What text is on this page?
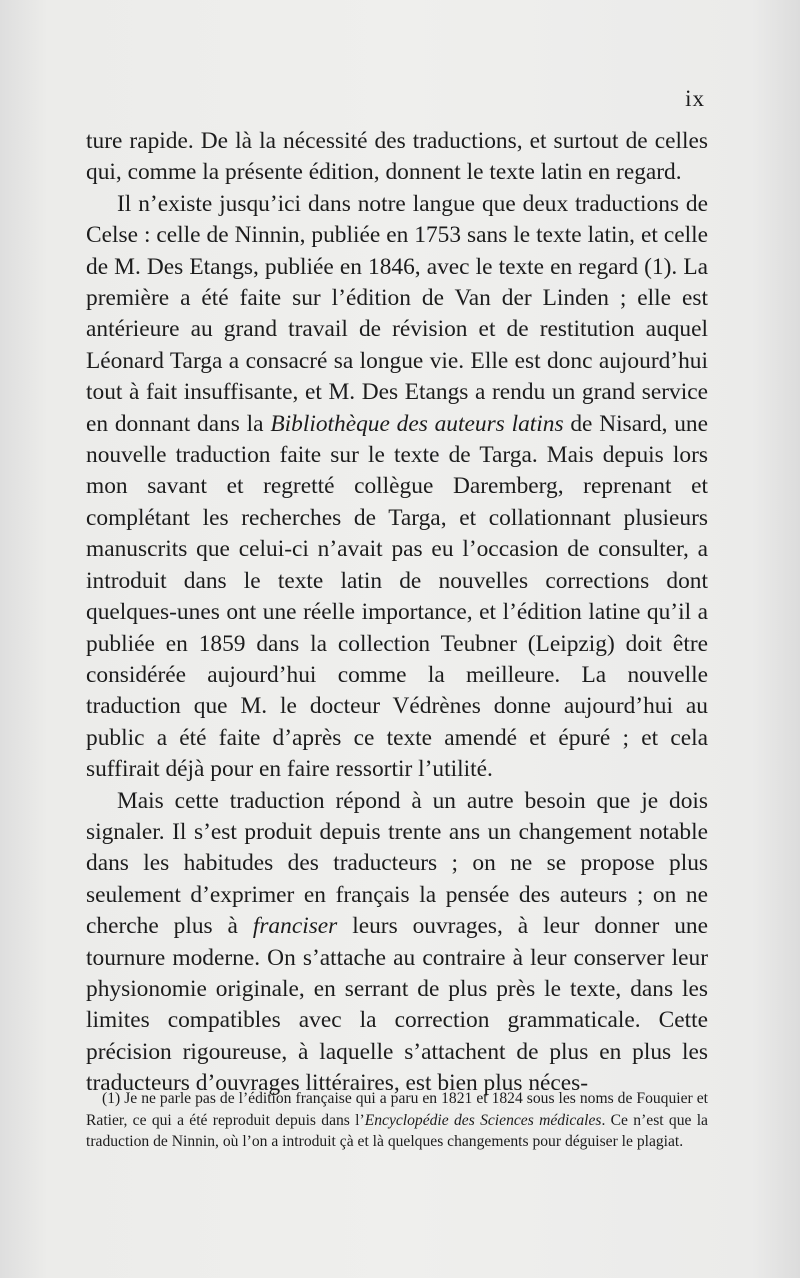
ix

ture rapide. De là la nécessité des traductions, et surtout de celles qui, comme la présente édition, donnent le texte latin en regard.

Il n’existe jusqu’ici dans notre langue que deux traductions de Celse : celle de Ninnin, publiée en 1753 sans le texte latin, et celle de M. Des Etangs, publiée en 1846, avec le texte en regard (1). La première a été faite sur l’édition de Van der Linden ; elle est antérieure au grand travail de révision et de restitution auquel Léonard Targa a consacré sa longue vie. Elle est donc aujourd’hui tout à fait insuffisante, et M. Des Etangs a rendu un grand service en donnant dans la Bibliothèque des auteurs latins de Nisard, une nouvelle traduction faite sur le texte de Targa. Mais depuis lors mon savant et regretté collègue Daremberg, reprenant et complétant les recherches de Targa, et collationnant plusieurs manuscrits que celui-ci n’avait pas eu l’occasion de consulter, a introduit dans le texte latin de nouvelles corrections dont quelques-unes ont une réelle importance, et l’édition latine qu’il a publiée en 1859 dans la collection Teubner (Leipzig) doit être considérée aujourd’hui comme la meilleure. La nouvelle traduction que M. le docteur Védrènes donne aujourd’hui au public a été faite d’après ce texte amendé et épuré ; et cela suffirait déjà pour en faire ressortir l’utilité.

Mais cette traduction répond à un autre besoin que je dois signaler. Il s’est produit depuis trente ans un changement notable dans les habitudes des traducteurs ; on ne se propose plus seulement d’exprimer en français la pensée des auteurs ; on ne cherche plus à franciser leurs ouvrages, à leur donner une tournure moderne. On s’attache au contraire à leur conserver leur physionomie originale, en serrant de plus près le texte, dans les limites compatibles avec la correction grammaticale. Cette précision rigoureuse, à laquelle s’attachent de plus en plus les traducteurs d’ouvrages littéraires, est bien plus néces-

(1) Je ne parle pas de l’édition française qui a paru en 1821 et 1824 sous les noms de Fouquier et Ratier, ce qui a été reproduit depuis dans l’Encyclopédie des Sciences médicales. Ce n’est que la traduction de Ninnin, où l’on a introduit çà et là quelques changements pour déguiser le plagiat.
